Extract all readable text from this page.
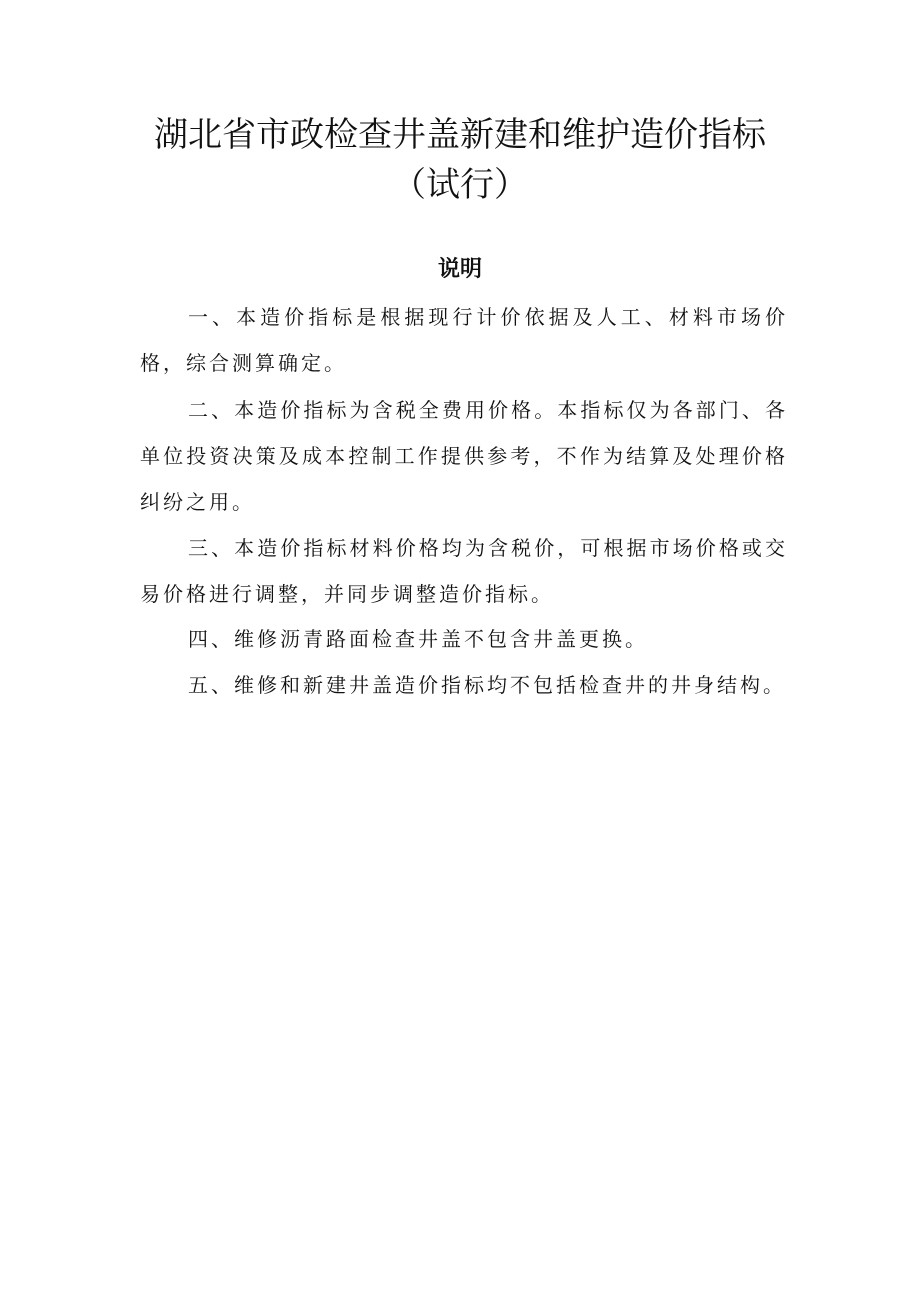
湖北省市政检查井盖新建和维护造价指标
（试行）
说明

一、本造价指标是根据现行计价依据及人工、材料市场价格，综合测算确定。

二、本造价指标为含税全费用价格。本指标仅为各部门、各单位投资决策及成本控制工作提供参考，不作为结算及处理价格纠纷之用。

三、本造价指标材料价格均为含税价，可根据市场价格或交易价格进行调整，并同步调整造价指标。

四、维修沥青路面检查井盖不包含井盖更换。

五、维修和新建井盖造价指标均不包括检查井的井身结构。
